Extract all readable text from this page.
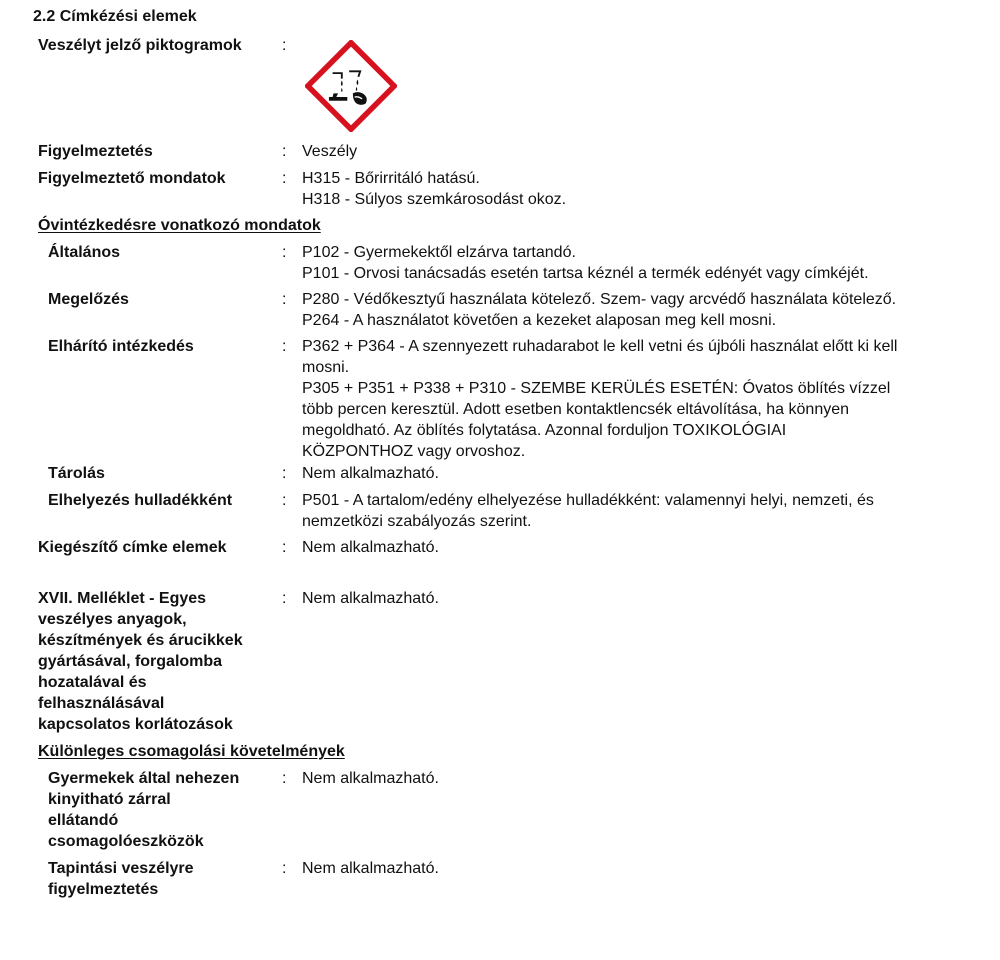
2.2 Címkézési elemek
Veszélyt jelző piktogramok	:
Figyelmeztetés	: Veszély
Figyelmeztető mondatok	: H315 - Bőrirritáló hatású.
H318 - Súlyos szemkárosodást okoz.
Óvintézkedésre vonatkozó mondatok
Általános	: P102 - Gyermekektől elzárva tartandó.
P101 - Orvosi tanácsadás esetén tartsa kéznél a termék edényét vagy címkéjét.
Megelőzés	: P280 - Védőkesztyű használata kötelező. Szem- vagy arcvédő használata kötelező.
P264 - A használatot követően a kezeket alaposan meg kell mosni.
Elhárító intézkedés	: P362 + P364 - A szennyezett ruhadarabot le kell vetni és újbóli használat előtt ki kell
mosni.
P305 + P351 + P338 + P310 - SZEMBE KERÜLÉS ESETÉN: Óvatos öblítés vízzel
több percen keresztül. Adott esetben kontaktlencsék eltávolítása, ha könnyen
megoldható. Az öblítés folytatása. Azonnal forduljon TOXIKOLÓGIAI
KÖZPONTHOZ vagy orvoshoz.
Tárolás	: Nem alkalmazható.
Elhelyezés hulladékként	: P501 - A tartalom/edény elhelyezése hulladékként: valamennyi helyi, nemzeti, és
nemzetközi szabályozás szerint.
Kiegészítő címke elemek	: Nem alkalmazható.
XVII. Melléklet - Egyes
veszélyes anyagok,
készítmények és árucikkek
gyártásával, forgalomba
hozatalával és
felhasználásával
kapcsolatos korlátozások
: Nem alkalmazható.
Különleges csomagolási követelmények
Gyermekek által nehezen
kinyitható zárral
ellátandó
csomagolóeszközök
: Nem alkalmazható.
Tapintási veszélyre
figyelmeztetés
: Nem alkalmazható.
